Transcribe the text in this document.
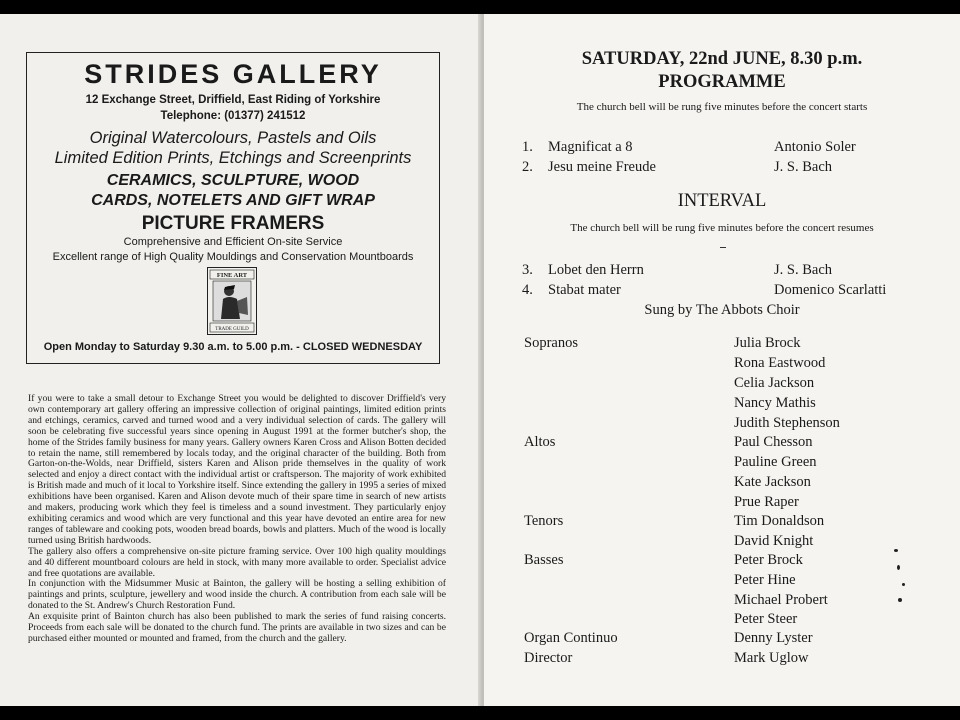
STRIDES GALLERY
12 Exchange Street, Driffield, East Riding of Yorkshire
Telephone: (01377) 241512
Original Watercolours, Pastels and Oils
Limited Edition Prints, Etchings and Screenprints
CERAMICS, SCULPTURE, WOOD
CARDS, NOTELETS AND GIFT WRAP
PICTURE FRAMERS
Comprehensive and Efficient On-site Service
Excellent range of High Quality Mouldings and Conservation Mountboards
FINE ART
TRADE GUILD
Open Monday to Saturday 9.30 a.m. to 5.00 p.m. - CLOSED WEDNESDAY

If you were to take a small detour to Exchange Street you would be delighted to discover Driffield's very own contemporary art gallery offering an impressive collection of original paintings, limited edition prints and etchings, ceramics, carved and turned wood and a very individual selection of cards. The gallery will soon be celebrating five successful years since opening in August 1991 at the former butcher's shop, the home of the Strides family business for many years. Gallery owners Karen Cross and Alison Botten decided to retain the name, still remembered by locals today, and the original character of the building. Both from Garton-on-the-Wolds, near Driffield, sisters Karen and Alison pride themselves in the quality of work selected and enjoy a direct contact with the individual artist or craftsperson. The majority of work exhibited is British made and much of it local to Yorkshire itself. Since extending the gallery in 1995 a series of mixed exhibitions have been organised. Karen and Alison devote much of their spare time in search of new artists and makers, producing work which they feel is timeless and a sound investment. They particularly enjoy exhibiting ceramics and wood which are very functional and this year have devoted an entire area for new ranges of tableware and cooking pots, wooden bread boards, bowls and platters. Much of the wood is locally turned using British hardwoods.

The gallery also offers a comprehensive on-site picture framing service. Over 100 high quality mouldings and 40 different mountboard colours are held in stock, with many more available to order. Specialist advice and free quotations are available.

In conjunction with the Midsummer Music at Bainton, the gallery will be hosting a selling exhibition of paintings and prints, sculpture, jewellery and wood inside the church. A contribution from each sale will be donated to the St. Andrew's Church Restoration Fund.

An exquisite print of Bainton church has also been published to mark the series of fund raising concerts. Proceeds from each sale will be donated to the church fund. The prints are available in two sizes and can be purchased either mounted or mounted and framed, from the church and the gallery.

SATURDAY, 22nd JUNE, 8.30 p.m.
PROGRAMME
The church bell will be rung five minutes before the concert starts
1. Magnificat a 8	Antonio Soler
2. Jesu meine Freude	J. S. Bach
INTERVAL
The church bell will be rung five minutes before the concert resumes
3. Lobet den Herrn	J. S. Bach
4. Stabat mater	Domenico Scarlatti
Sung by The Abbots Choir
Sopranos	Julia Brock
Rona Eastwood
Celia Jackson
Nancy Mathis
Judith Stephenson
Altos	Paul Chesson
Pauline Green
Kate Jackson
Prue Raper
Tenors	Tim Donaldson
David Knight
Basses	Peter Brock
Peter Hine
Michael Probert
Peter Steer
Organ Continuo	Denny Lyster
Director	Mark Uglow
